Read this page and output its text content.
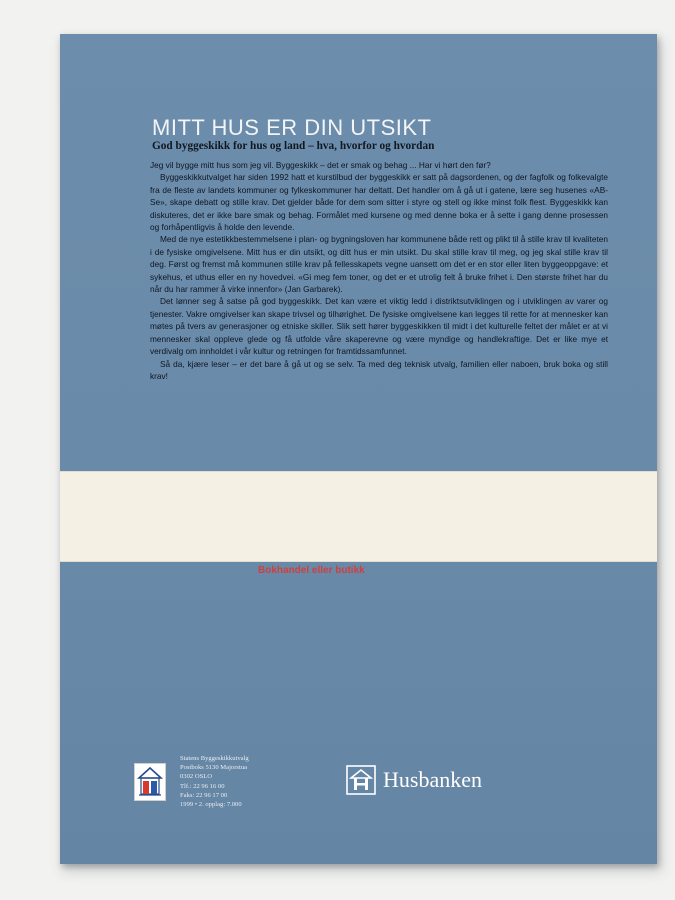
MITT HUS ER DIN UTSIKT
God byggeskikk for hus og land – hva, hvorfor og hvordan

Jeg vil bygge mitt hus som jeg vil. Byggeskikk – det er smak og behag ... Har vi hørt den før?

Byggeskikkutvalget har siden 1992 hatt et kurstilbud der byggeskikk er satt på dagsordenen, og der fagfolk og folkevalgte fra de fleste av landets kommuner og fylkeskommuner har deltatt. Det handler om å gå ut i gatene, lære seg husenes «AB-Se», skape debatt og stille krav. Det gjelder både for dem som sitter i styre og stell og ikke minst folk flest. Byggeskikk kan diskuteres, det er ikke bare smak og behag. Formålet med kursene og med denne boka er å sette i gang denne prosessen og forhåpentligvis å holde den levende.

Med de nye estetikkbestemmelsene i plan- og bygningsloven har kommunene både rett og plikt til å stille krav til kvaliteten i de fysiske omgivelsene. Mitt hus er din utsikt, og ditt hus er min utsikt. Du skal stille krav til meg, og jeg skal stille krav til deg. Først og fremst må kommunen stille krav på fellesskapets vegne uansett om det er en stor eller liten byggeoppgave: et sykehus, et uthus eller en ny hovedvei. «Gi meg fem toner, og det er et utrolig felt å bruke frihet i. Den største frihet har du når du har rammer å virke innenfor» (Jan Garbarek).

Det lønner seg å satse på god byggeskikk. Det kan være et viktig ledd i distriktsutviklingen og i utviklingen av varer og tjenester. Vakre omgivelser kan skape trivsel og tilhørighet. De fysiske omgivelsene kan legges til rette for at mennesker kan møtes på tvers av generasjoner og etniske skiller. Slik sett hører byggeskikken til midt i det kulturelle feltet der målet er at vi mennesker skal oppleve glede og få utfolde våre skaperevne og være myndige og handlekraftige. Det er like mye et verdivalg om innholdet i vår kultur og retningen for framtidssamfunnet.

Så da, kjære leser – er det bare å gå ut og se selv. Ta med deg teknisk utvalg, familien eller naboen, bruk boka og still krav!

Bokhandel eller butikk
Statens Byggeskikkutvalg
Postboks 5130 Majorstua
0302 OSLO
Tlf.: 22 96 16 00
Faks: 22 96 17 00
1999 • 2. opplag: 7.000
Husbanken
